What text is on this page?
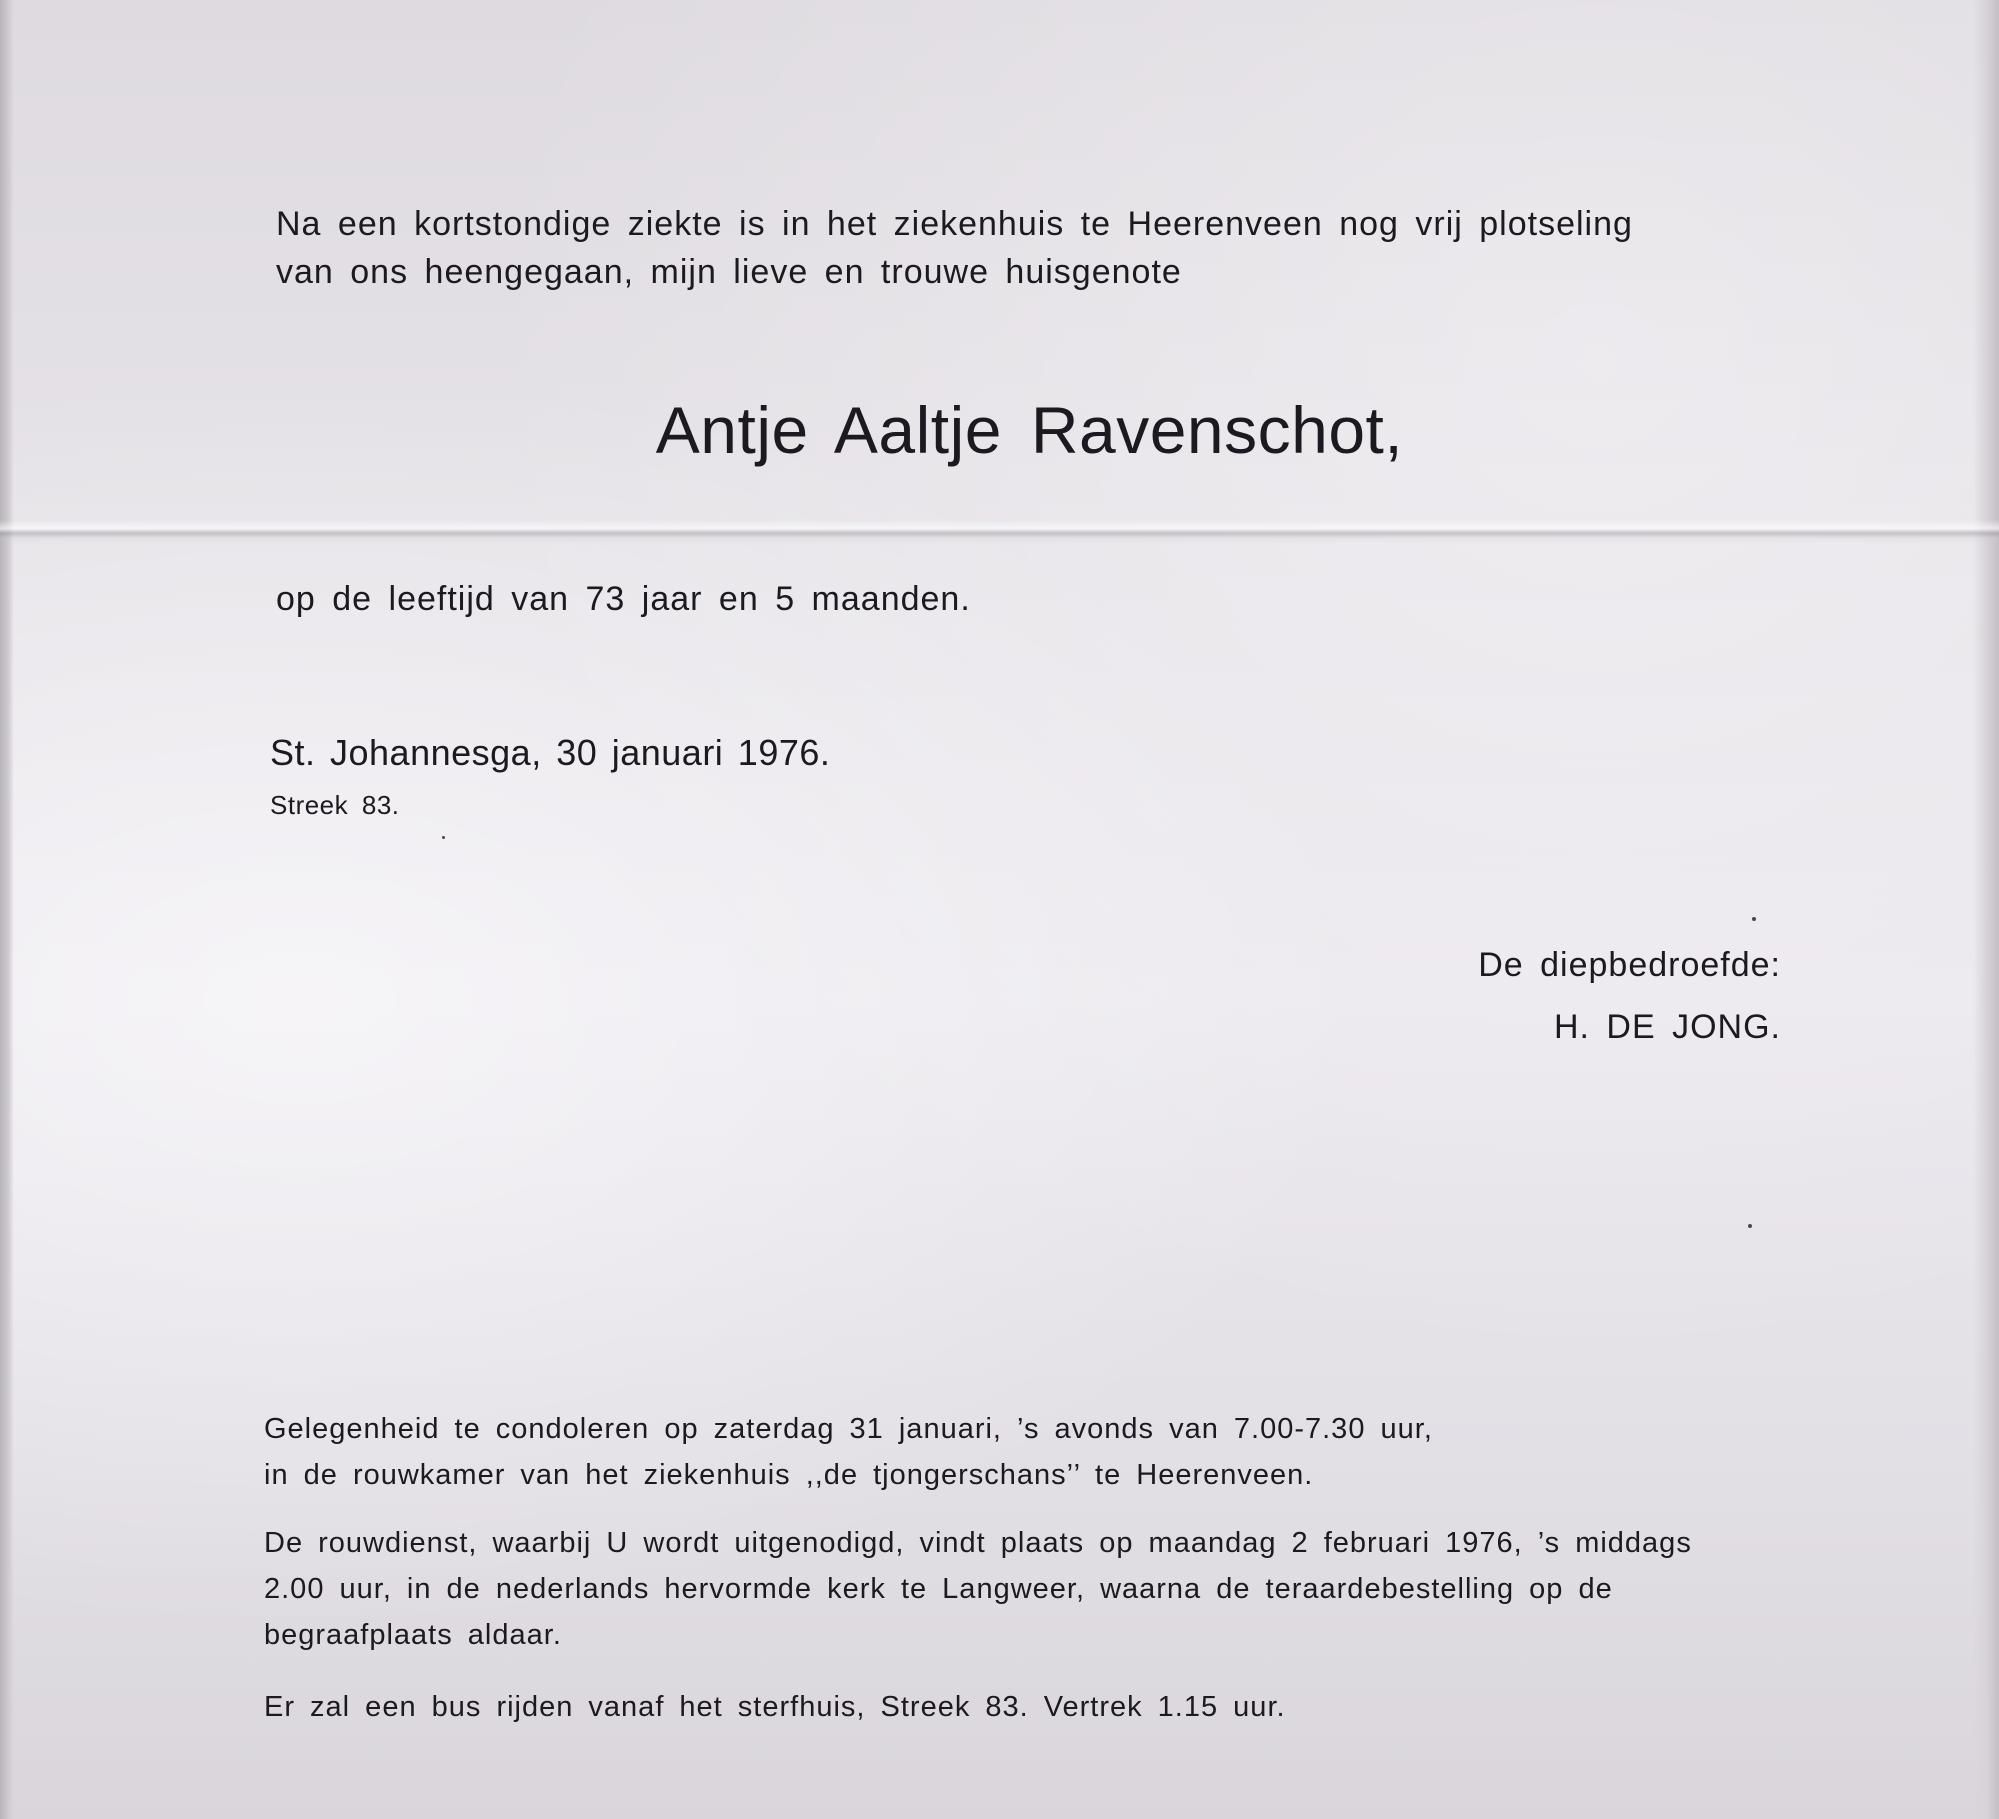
Na een kortstondige ziekte is in het ziekenhuis te Heerenveen nog vrij plotseling
van ons heengegaan, mijn lieve en trouwe huisgenote
Antje Aaltje Ravenschot,
op de leeftijd van 73 jaar en 5 maanden.
St. Johannesga, 30 januari 1976.
Streek 83.
De diepbedroefde:
H. DE JONG.
Gelegenheid te condoleren op zaterdag 31 januari, ’s avonds van 7.00-7.30 uur,
in de rouwkamer van het ziekenhuis ,,de tjongerschans’’ te Heerenveen.
De rouwdienst, waarbij U wordt uitgenodigd, vindt plaats op maandag 2 februari 1976, ’s middags
2.00 uur, in de nederlands hervormde kerk te Langweer, waarna de teraardebestelling op de
begraafplaats aldaar.
Er zal een bus rijden vanaf het sterfhuis, Streek 83. Vertrek 1.15 uur.
